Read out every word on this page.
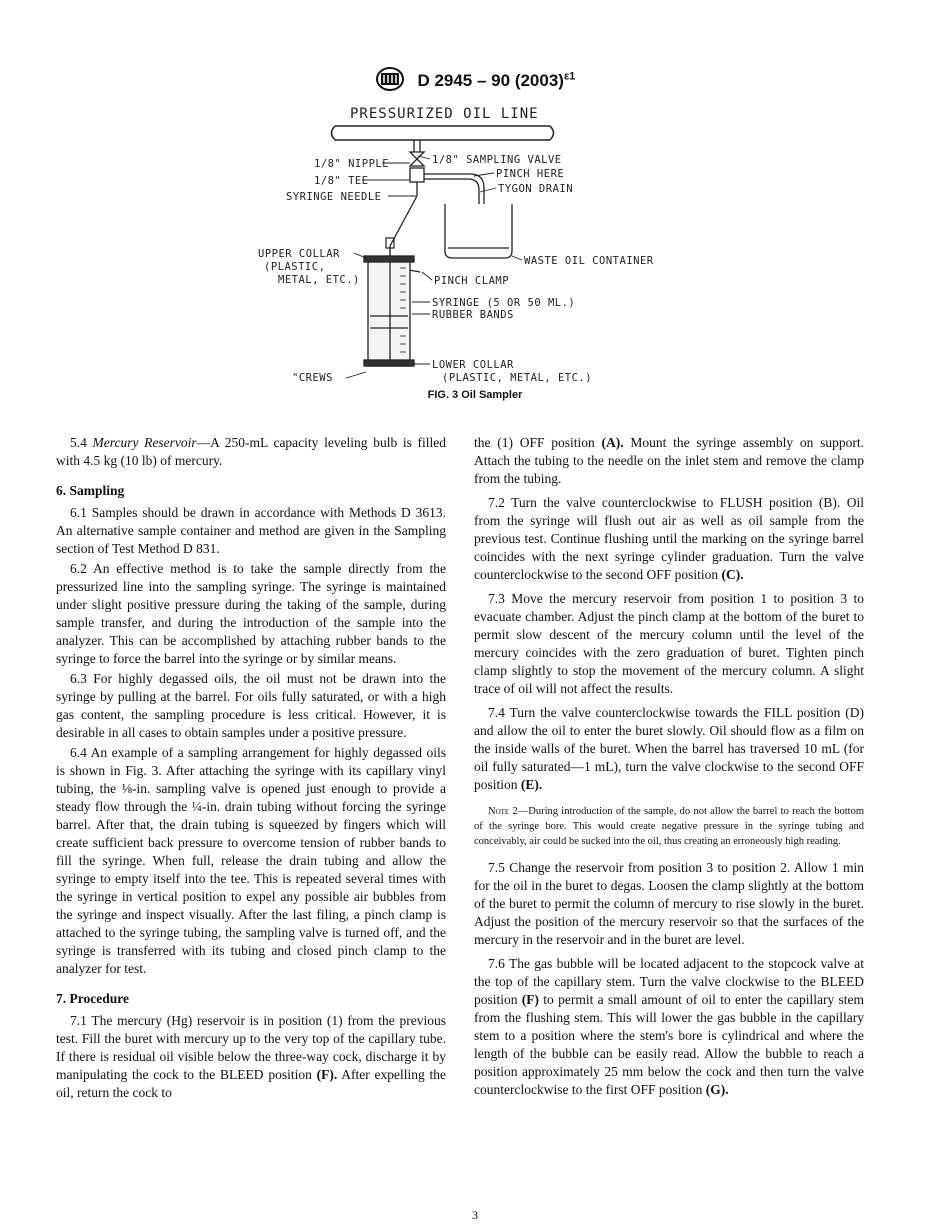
D 2945 – 90 $(2003)^{\varepsilon 1}$
PRESSURIZED OIL LINE
1/8" NIPPLE	1/8" SAMPLING VALVE
1/8" TEE
PINCH HERE
SYRINGE NEEDLE
TYGON DRAIN
WASTE OIL CONTAINER
UPPER COLLAR
(PLASTIC,
METAL, ETC.)	PINCH CLAMP
SYRINGE (5 OR 50 ML.)
RUBBER BANDS
LOWER COLLAR
(PLASTIC, METAL, ETC.)
"CREWS
FIG. 3 Oil Sampler

5.4 Mercury Reservoir—A 250-mL capacity leveling bulb is filled with 4.5 kg (10 lb) of mercury.

6. Sampling

6.1 Samples should be drawn in accordance with Methods D 3613. An alternative sample container and method are given in the Sampling section of Test Method D 831.

6.2 An effective method is to take the sample directly from the pressurized line into the sampling syringe. The syringe is maintained under slight positive pressure during the taking of the sample, during sample transfer, and during the introduction of the sample into the analyzer. This can be accomplished by attaching rubber bands to the syringe to force the barrel into the syringe or by similar means.

6.3 For highly degassed oils, the oil must not be drawn into the syringe by pulling at the barrel. For oils fully saturated, or with a high gas content, the sampling procedure is less critical. However, it is desirable in all cases to obtain samples under a positive pressure.

6.4 An example of a sampling arrangement for highly degassed oils is shown in Fig. 3. After attaching the syringe with its capillary vinyl tubing, the ⅛-in. sampling valve is opened just enough to provide a steady flow through the ¼-in. drain tubing without forcing the syringe barrel. After that, the drain tubing is squeezed by fingers which will create sufficient back pressure to overcome tension of rubber bands to fill the syringe. When full, release the drain tubing and allow the syringe to empty itself into the tee. This is repeated several times with the syringe in vertical position to expel any possible air bubbles from the syringe and inspect visually. After the last filing, a pinch clamp is attached to the syringe tubing, the sampling valve is turned off, and the syringe is transferred with its tubing and closed pinch clamp to the analyzer for test.

7. Procedure

7.1 The mercury (Hg) reservoir is in position (1) from the previous test. Fill the buret with mercury up to the very top of the capillary tube. If there is residual oil visible below the three-way cock, discharge it by manipulating the cock to the BLEED position (F). After expelling the oil, return the cock to

the (1) OFF position (A). Mount the syringe assembly on support. Attach the tubing to the needle on the inlet stem and remove the clamp from the tubing.

7.2 Turn the valve counterclockwise to FLUSH position (B). Oil from the syringe will flush out air as well as oil sample from the previous test. Continue flushing until the marking on the syringe barrel coincides with the next syringe cylinder graduation. Turn the valve counterclockwise to the second OFF position (C).

7.3 Move the mercury reservoir from position 1 to position 3 to evacuate chamber. Adjust the pinch clamp at the bottom of the buret to permit slow descent of the mercury column until the level of the mercury coincides with the zero graduation of buret. Tighten pinch clamp slightly to stop the movement of the mercury column. A slight trace of oil will not affect the results.

7.4 Turn the valve counterclockwise towards the FILL position (D) and allow the oil to enter the buret slowly. Oil should flow as a film on the inside walls of the buret. When the barrel has traversed 10 mL (for oil fully saturated—1 mL), turn the valve clockwise to the second OFF position (E).

Note 2—During introduction of the sample, do not allow the barrel to reach the bottom of the syringe bore. This would create negative pressure in the syringe tubing and conceivably, air could be sucked into the oil, thus creating an erroneously high reading.

7.5 Change the reservoir from position 3 to position 2. Allow 1 min for the oil in the buret to degas. Loosen the clamp slightly at the bottom of the buret to permit the column of mercury to rise slowly in the buret. Adjust the position of the mercury reservoir so that the surfaces of the mercury in the reservoir and in the buret are level.

7.6 The gas bubble will be located adjacent to the stopcock valve at the top of the capillary stem. Turn the valve clockwise to the BLEED position (F) to permit a small amount of oil to enter the capillary stem from the flushing stem. This will lower the gas bubble in the capillary stem to a position where the stem's bore is cylindrical and where the length of the bubble can be easily read. Allow the bubble to reach a position approximately 25 mm below the cock and then turn the valve counterclockwise to the first OFF position (G).

3
